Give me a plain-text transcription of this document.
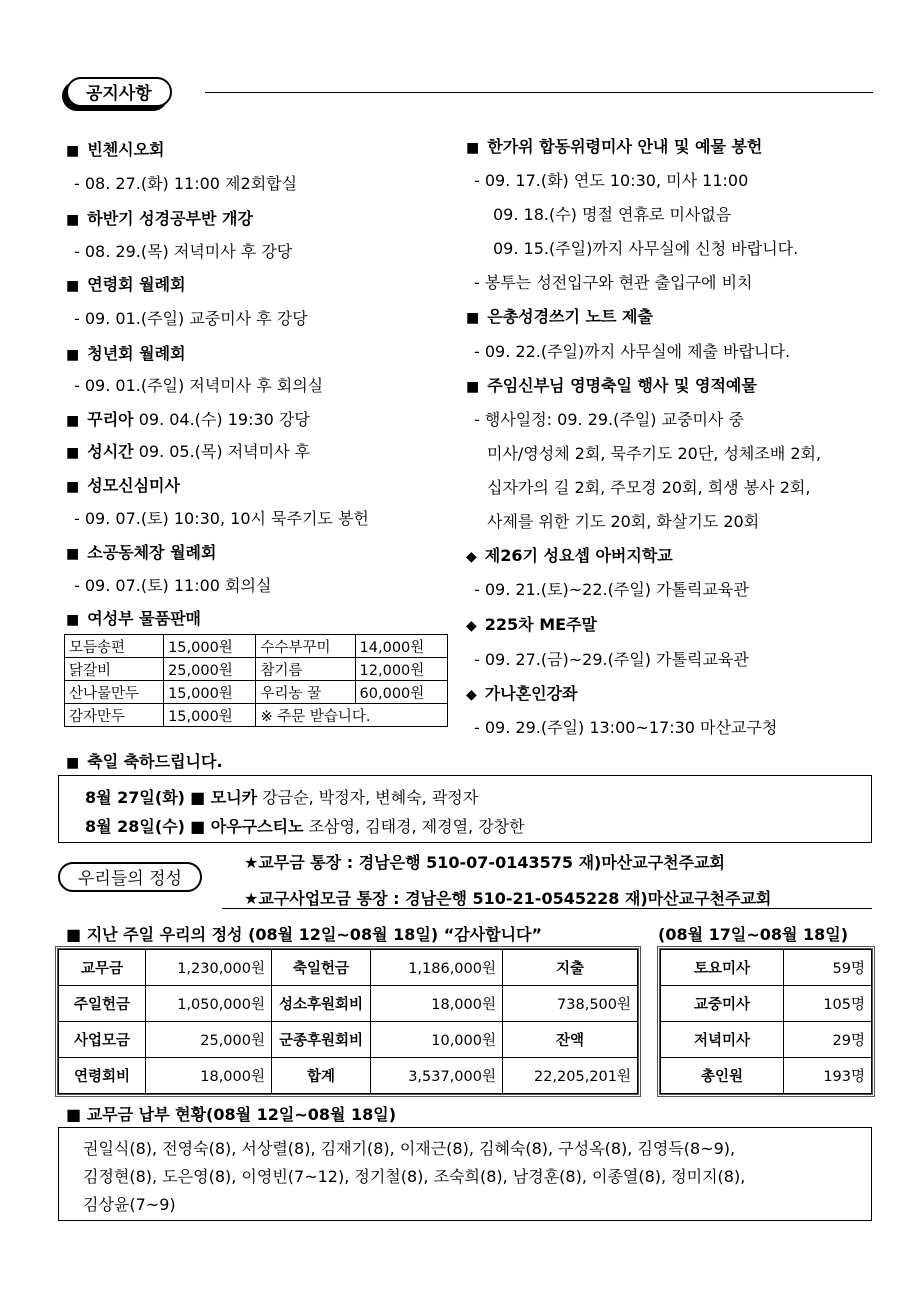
공지사항
■ 빈첸시오회
- 08. 27.(화) 11:00 제2회합실
■ 하반기 성경공부반 개강
- 08. 29.(목) 저녁미사 후 강당
■ 연령회 월례회
- 09. 01.(주일) 교중미사 후 강당
■ 청년회 월례회
- 09. 01.(주일) 저녁미사 후 회의실
■ 꾸리아 09. 04.(수) 19:30 강당
■ 성시간 09. 05.(목) 저녁미사 후
■ 성모신심미사
- 09. 07.(토) 10:30, 10시 묵주기도 봉헌
■ 소공동체장 월례회
- 09. 07.(토) 11:00 회의실
■ 여성부 물품판매
모듬송편	15,000원	수수부꾸미	14,000원
닭갈비	25,000원	참기름	12,000원
산나물만두	15,000원	우리농 꿀	60,000원
감자만두	15,000원	※ 주문 받습니다.	
■ 한가위 합동위령미사 안내 및 예물 봉헌
- 09. 17.(화) 연도 10:30, 미사 11:00
09. 18.(수) 명절 연휴로 미사없음
09. 15.(주일)까지 사무실에 신청 바랍니다.
- 봉투는 성전입구와 현관 출입구에 비치
■ 은총성경쓰기 노트 제출
- 09. 22.(주일)까지 사무실에 제출 바랍니다.
■ 주임신부님 영명축일 행사 및 영적예물
- 행사일정: 09. 29.(주일) 교중미사 중
미사/영성체 2회, 묵주기도 20단, 성체조배 2회,
십자가의 길 2회, 주모경 20회, 희생 봉사 2회,
사제를 위한 기도 20회, 화살기도 20회
◆ 제26기 성요셉 아버지학교
- 09. 21.(토)~22.(주일) 가톨릭교육관
◆ 225차 ME주말
- 09. 27.(금)~29.(주일) 가톨릭교육관
◆ 가나혼인강좌
- 09. 29.(주일) 13:00~17:30 마산교구청
■ 축일 축하드립니다.
8월 27일(화) ■ 모니카 강금순, 박정자, 변혜숙, 곽정자
8월 28일(수) ■ 아우구스티노 조삼영, 김태경, 제경열, 강창한
우리들의 정성
★교무금 통장 : 경남은행 510-07-0143575 재)마산교구천주교회
★교구사업모금 통장 : 경남은행 510-21-0545228 재)마산교구천주교회
■ 지난 주일 우리의 정성 (08월 12일~08월 18일) “감사합니다”	(08월 17일~08월 18일)
교무금	1,230,000원	축일헌금	1,186,000원	지출
주일헌금	1,050,000원	성소후원회비	18,000원	738,500원
사업모금	25,000원	군종후원회비	10,000원	잔액
연령회비	18,000원	합계	3,537,000원	22,205,201원
토요미사	59명
교중미사	105명
저녁미사	29명
총인원	193명
■ 교무금 납부 현황(08월 12일~08월 18일)
권일식(8), 전영숙(8), 서상렬(8), 김재기(8), 이재근(8), 김혜숙(8), 구성옥(8), 김영득(8~9),
김정현(8), 도은영(8), 이영빈(7~12), 정기철(8), 조숙희(8), 남경훈(8), 이종열(8), 정미지(8),
김상윤(7~9)
